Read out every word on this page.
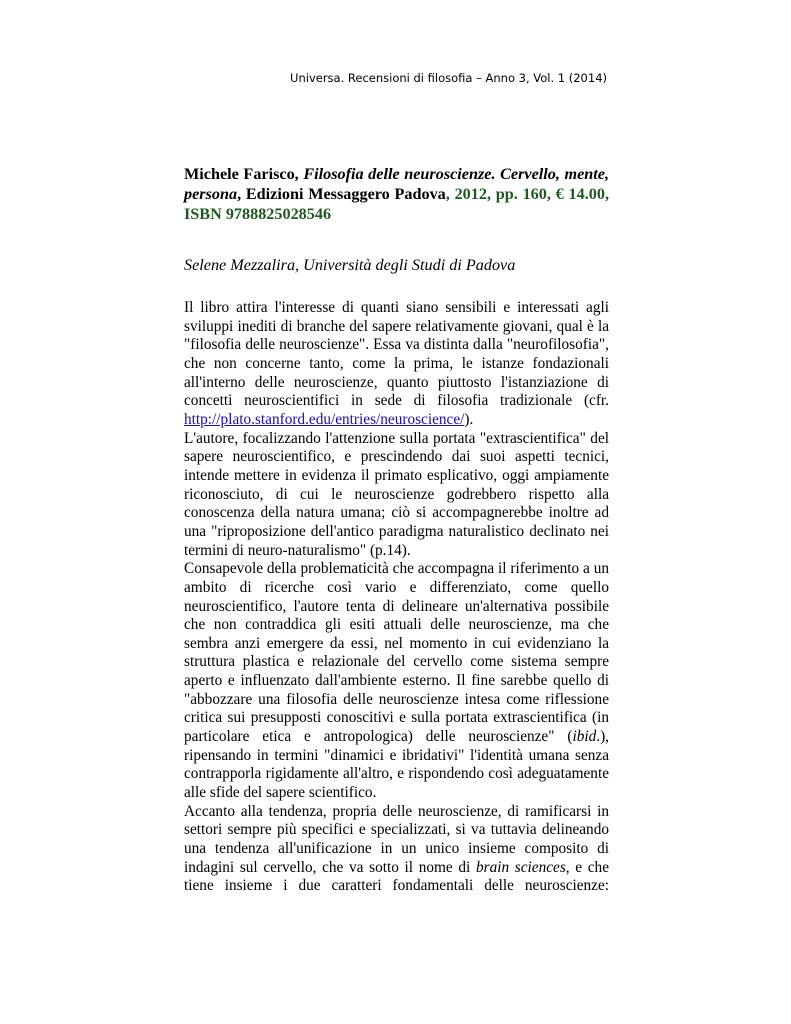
Universa. Recensioni di filosofia – Anno 3, Vol. 1 (2014)

Michele Farisco, Filosofia delle neuroscienze. Cervello, mente, persona, Edizioni Messaggero Padova, 2012, pp. 160, € 14.00, ISBN 9788825028546

Selene Mezzalira, Università degli Studi di Padova

Il libro attira l'interesse di quanti siano sensibili e interessati agli sviluppi inediti di branche del sapere relativamente giovani, qual è la "filosofia delle neuroscienze". Essa va distinta dalla "neurofilosofia", che non concerne tanto, come la prima, le istanze fondazionali all'interno delle neuroscienze, quanto piuttosto l'istanziazione di concetti neuroscientifici in sede di filosofia tradizionale (cfr. http://plato.stanford.edu/entries/neuroscience/).

L'autore, focalizzando l'attenzione sulla portata "extrascientifica" del sapere neuroscientifico, e prescindendo dai suoi aspetti tecnici, intende mettere in evidenza il primato esplicativo, oggi ampiamente riconosciuto, di cui le neuroscienze godrebbero rispetto alla conoscenza della natura umana; ciò si accompagnerebbe inoltre ad una "riproposizione dell'antico paradigma naturalistico declinato nei termini di neuro-naturalismo" (p.14).

Consapevole della problematicità che accompagna il riferimento a un ambito di ricerche così vario e differenziato, come quello neuroscientifico, l'autore tenta di delineare un'alternativa possibile che non contraddica gli esiti attuali delle neuroscienze, ma che sembra anzi emergere da essi, nel momento in cui evidenziano la struttura plastica e relazionale del cervello come sistema sempre aperto e influenzato dall'ambiente esterno. Il fine sarebbe quello di "abbozzare una filosofia delle neuroscienze intesa come riflessione critica sui presupposti conoscitivi e sulla portata extrascientifica (in particolare etica e antropologica) delle neuroscienze" (ibid.), ripensando in termini "dinamici e ibridativi" l'identità umana senza contrapporla rigidamente all'altro, e rispondendo così adeguatamente alle sfide del sapere scientifico.

Accanto alla tendenza, propria delle neuroscienze, di ramificarsi in settori sempre più specifici e specializzati, si va tuttavia delineando una tendenza all'unificazione in un unico insieme composito di indagini sul cervello, che va sotto il nome di brain sciences, e che tiene insieme i due caratteri fondamentali delle neuroscienze:
